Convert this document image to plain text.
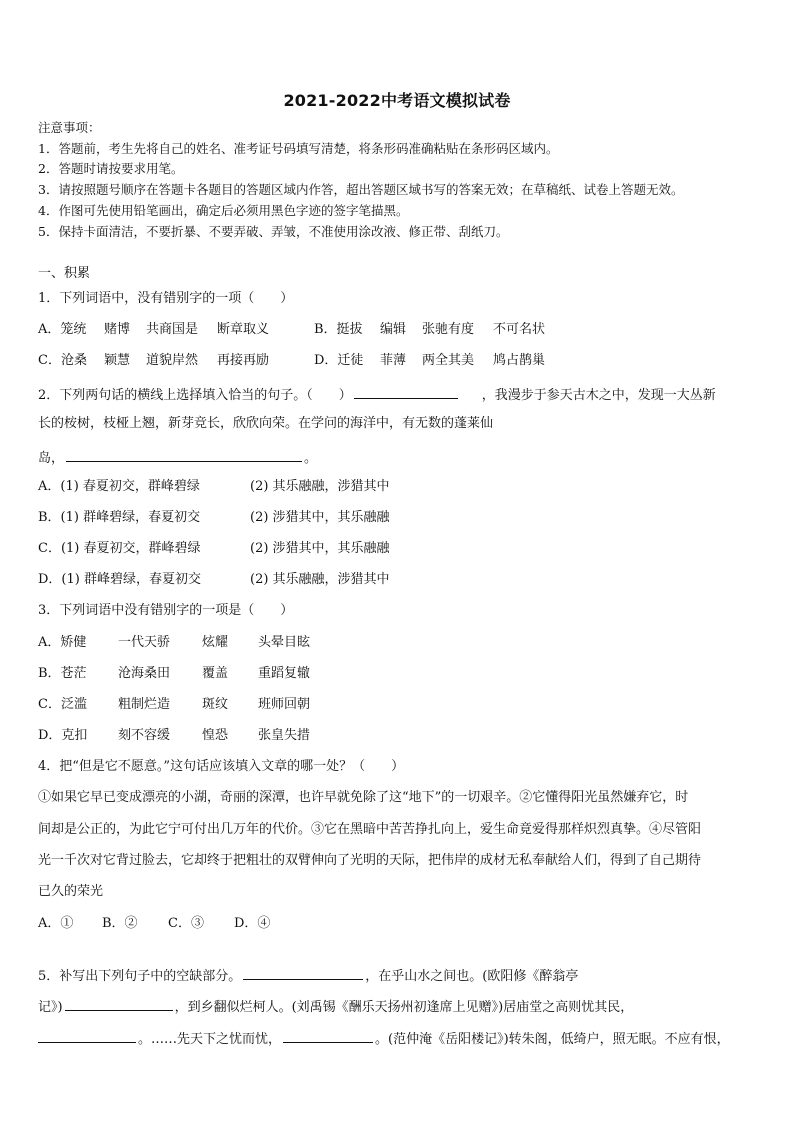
2021-2022中考语文模拟试卷
注意事项：
1．答题前，考生先将自己的姓名、准考证号码填写清楚，将条形码准确粘贴在条形码区域内。
2．答题时请按要求用笔。
3．请按照题号顺序在答题卡各题目的答题区域内作答，超出答题区域书写的答案无效；在草稿纸、试卷上答题无效。
4．作图可先使用铅笔画出，确定后必须用黑色字迹的签字笔描黑。
5．保持卡面清洁，不要折暴、不要弄破、弄皱，不准使用涂改液、修正带、刮纸刀。
一、积累
1．下列词语中，没有错别字的一项（　　）
A．笼统 赌博 共商国是 断章取义	B．挺拔 编辑 张驰有度 不可名状
C．沧桑 颖慧 道貌岸然 再接再励	D．迁徒 菲薄 两全其美 鸠占鹊巢
2．下列两句话的横线上选择填入恰当的句子。（　　）	，我漫步于参天古木之中，发现一大丛新
长的桉树，枝桠上翘，新芽竞长，欣欣向荣。在学问的海洋中，有无数的蓬莱仙
岛，	。
A．(1) 春夏初交，群峰碧绿	(2) 其乐融融，涉猎其中
B．(1) 群峰碧绿，春夏初交	(2) 涉猎其中，其乐融融
C．(1) 春夏初交，群峰碧绿	(2) 涉猎其中，其乐融融
D．(1) 群峰碧绿，春夏初交	(2) 其乐融融，涉猎其中
3．下列词语中没有错别字的一项是（　　）
A．矫健 一代天骄 炫耀 头晕目眩
B．苍茫 沧海桑田 覆盖 重蹈复辙
C．泛滥 粗制烂造 斑纹 班师回朝
D．克扣 刻不容缓 惶恐 张皇失措
4．把“但是它不愿意。”这句话应该填入文章的哪一处？（　　）
①如果它早已变成漂亮的小湖，奇丽的深潭，也许早就免除了这“地下”的一切艰辛。②它懂得阳光虽然嫌弃它，时
间却是公正的，为此它宁可付出几万年的代价。③它在黑暗中苦苦挣扎向上，爱生命竟爱得那样炽烈真挚。④尽管阳
光一千次对它背过脸去，它却终于把粗壮的双臂伸向了光明的天际，把伟岸的成材无私奉献给人们，得到了自己期待
已久的荣光
A．① B．② C．③ D．④
5．补写出下列句子中的空缺部分。	，在乎山水之间也。(欧阳修《醉翁亭
记》)	，到乡翻似烂柯人。(刘禹锡《酬乐天扬州初逢席上见赠》)居庙堂之高则忧其民，
。……先天下之忧而忧，	。(范仲淹《岳阳楼记》)转朱阁，低绮户，照无眠。不应有恨，
